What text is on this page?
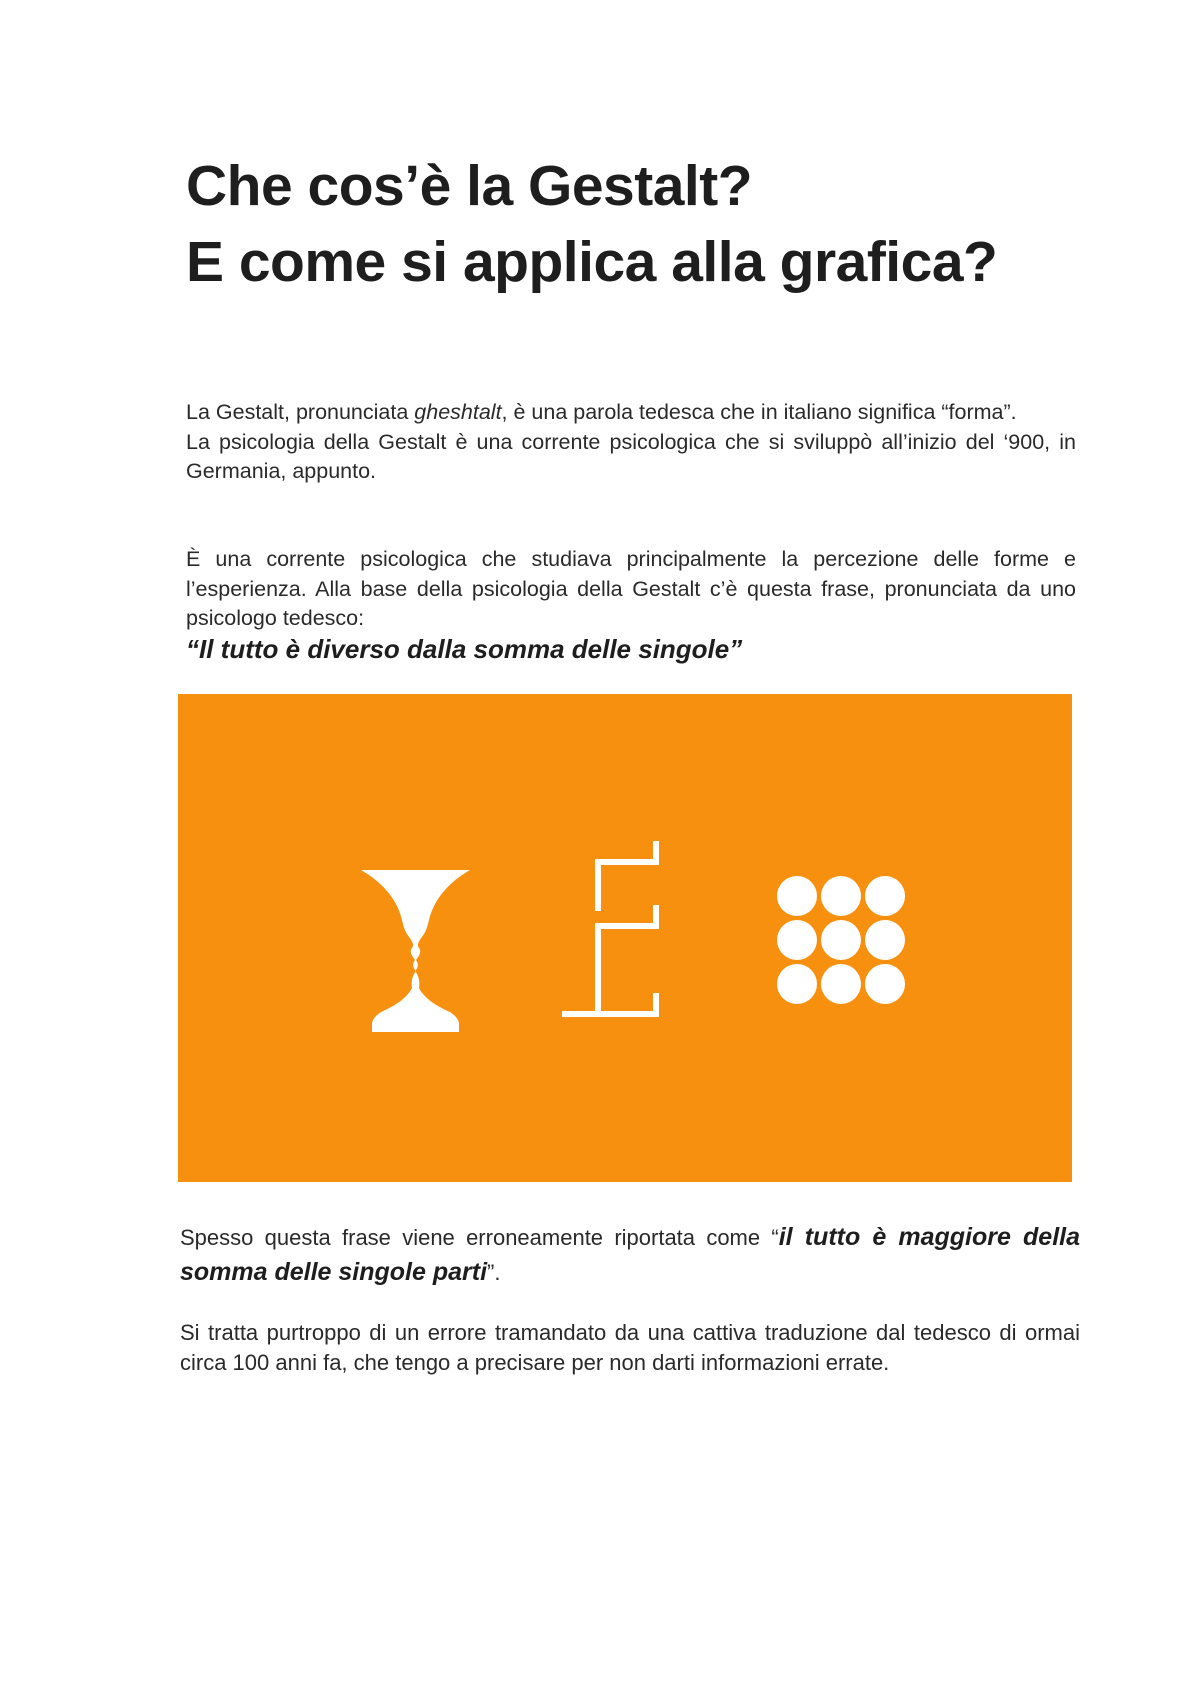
Che cos’è la Gestalt?
E come si applica alla grafica?

La Gestalt, pronunciata gheshtalt, è una parola tedesca che in italiano significa “forma”.

La psicologia della Gestalt è una corrente psicologica che si sviluppò all’inizio del ‘900, in Germania, appunto.

È una corrente psicologica che studiava principalmente la percezione delle forme e l’esperienza. Alla base della psicologia della Gestalt c’è questa frase, pronunciata da uno psicologo tedesco:

“Il tutto è diverso dalla somma delle singole”

Spesso questa frase viene erroneamente riportata come “il tutto è maggiore della somma delle singole parti”.

Si tratta purtroppo di un errore tramandato da una cattiva traduzione dal tedesco di ormai circa 100 anni fa, che tengo a precisare per non darti informazioni errate.
